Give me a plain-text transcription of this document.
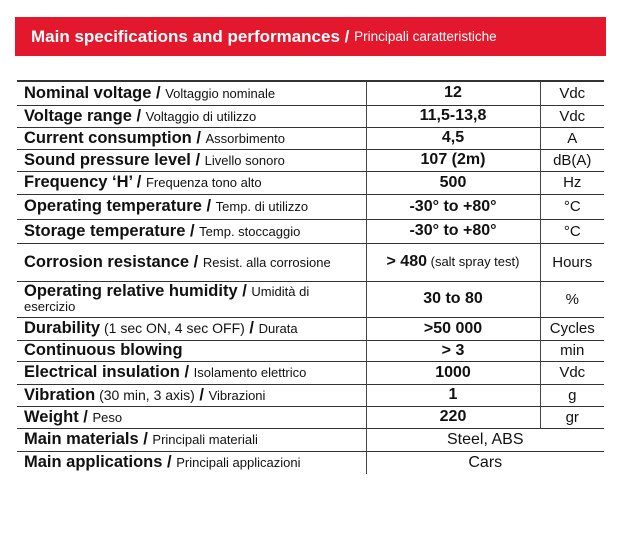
Main specifications and performances / Principali caratteristiche
Nominal voltage / Voltaggio nominale	12	Vdc
Voltage range / Voltaggio di utilizzo	11,5-13,8	Vdc
Current consumption / Assorbimento	4,5	A
Sound pressure level / Livello sonoro	107 (2m)	dB(A)
Frequency ‘H’ / Frequenza tono alto	500	Hz
Operating temperature / Temp. di utilizzo	-30° to +80°	°C
Storage temperature / Temp. stoccaggio	-30° to +80°	°C
Corrosion resistance / Resist. alla corrosione	> 480 (salt spray test)	Hours
Operating relative humidity / Umidità di esercizio	30 to 80	%
Durability (1 sec ON, 4 sec OFF) / Durata	>50 000	Cycles
Continuous blowing	> 3	min
Electrical insulation / Isolamento elettrico	1000	Vdc
Vibration (30 min, 3 axis) / Vibrazioni	1	g
Weight / Peso	220	gr
Main materials / Principali materiali	Steel, ABS	
Main applications / Principali applicazioni	Cars	
